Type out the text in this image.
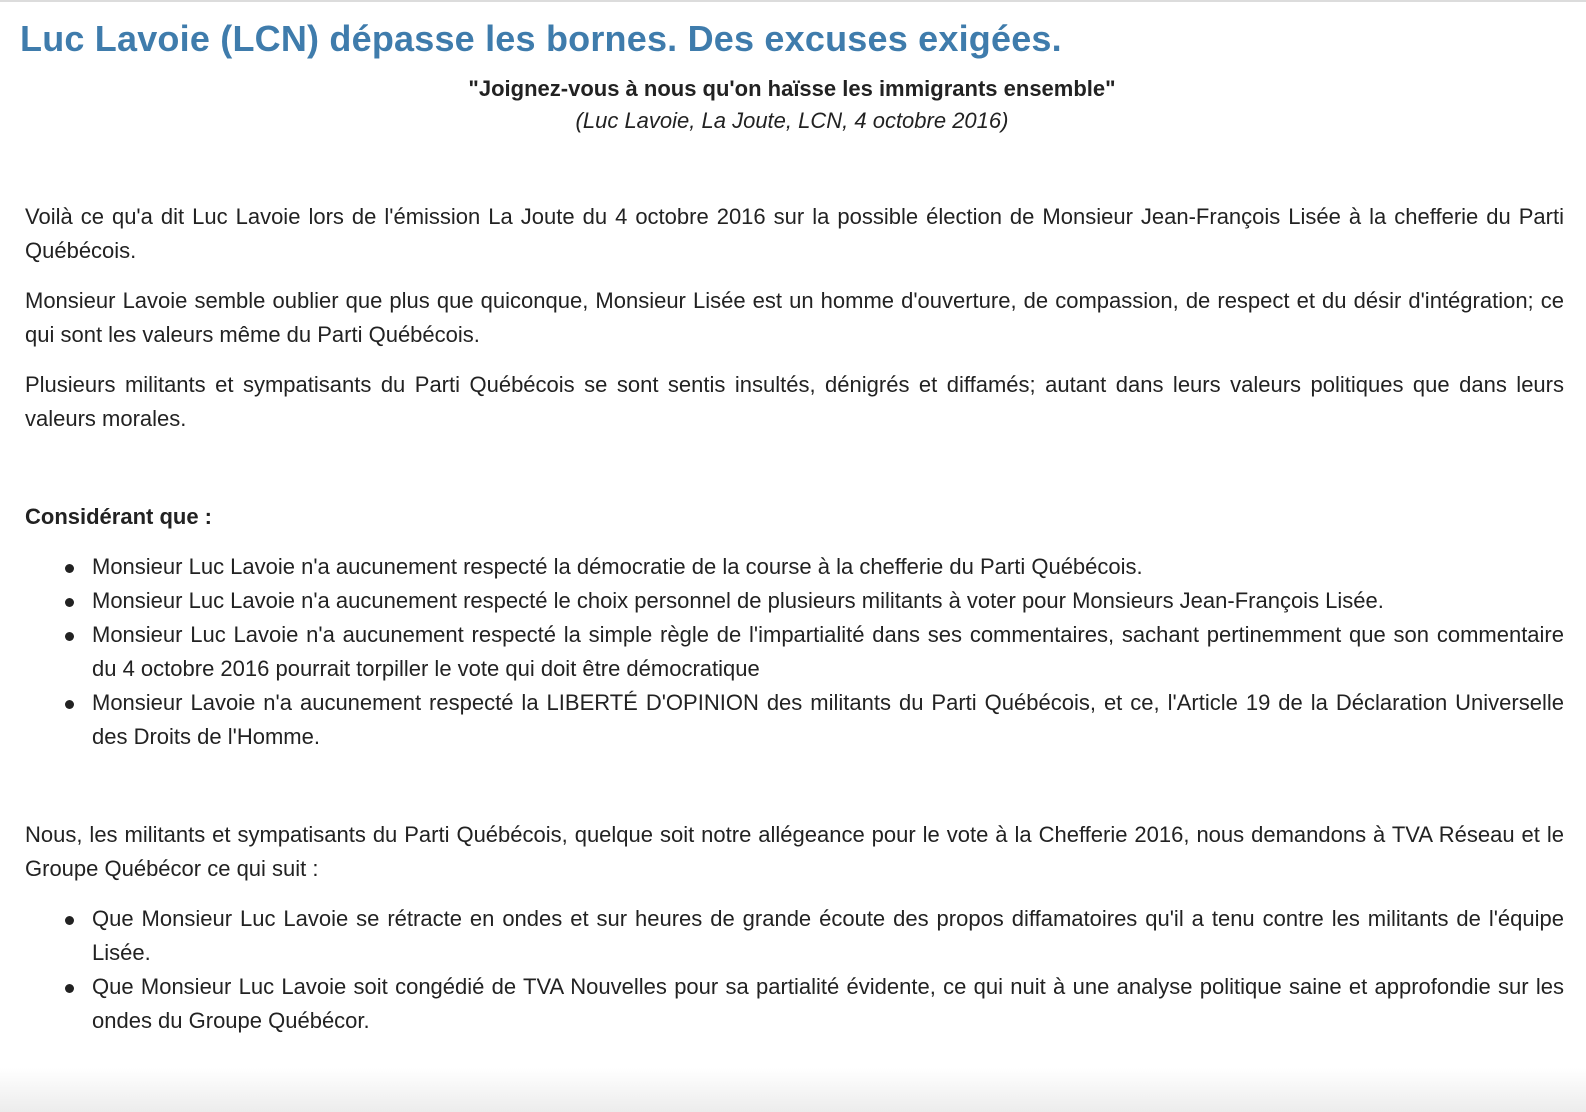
Luc Lavoie (LCN) dépasse les bornes. Des excuses exigées.

"Joignez-vous à nous qu'on haïsse les immigrants ensemble"

(Luc Lavoie, La Joute, LCN, 4 octobre 2016)

Voilà ce qu'a dit Luc Lavoie lors de l'émission La Joute du 4 octobre 2016 sur la possible élection de Monsieur Jean-François Lisée à la chefferie du Parti Québécois.

Monsieur Lavoie semble oublier que plus que quiconque, Monsieur Lisée est un homme d'ouverture, de compassion, de respect et du désir d'intégration; ce qui sont les valeurs même du Parti Québécois.

Plusieurs militants et sympatisants du Parti Québécois se sont sentis insultés, dénigrés et diffamés; autant dans leurs valeurs politiques que dans leurs valeurs morales.

Considérant que :

Monsieur Luc Lavoie n'a aucunement respecté la démocratie de la course à la chefferie du Parti Québécois.
Monsieur Luc Lavoie n'a aucunement respecté le choix personnel de plusieurs militants à voter pour Monsieurs Jean-François Lisée.
Monsieur Luc Lavoie n'a aucunement respecté la simple règle de l'impartialité dans ses commentaires, sachant pertinemment que son commentaire du 4 octobre 2016 pourrait torpiller le vote qui doit être démocratique
Monsieur Lavoie n'a aucunement respecté la LIBERTÉ D'OPINION des militants du Parti Québécois, et ce, l'Article 19 de la Déclaration Universelle des Droits de l'Homme.

Nous, les militants et sympatisants du Parti Québécois, quelque soit notre allégeance pour le vote à la Chefferie 2016, nous demandons à TVA Réseau et le Groupe Québécor ce qui suit :

Que Monsieur Luc Lavoie se rétracte en ondes et sur heures de grande écoute des propos diffamatoires qu'il a tenu contre les militants de l'équipe Lisée.
Que Monsieur Luc Lavoie soit congédié de TVA Nouvelles pour sa partialité évidente, ce qui nuit à une analyse politique saine et approfondie sur les ondes du Groupe Québécor.
